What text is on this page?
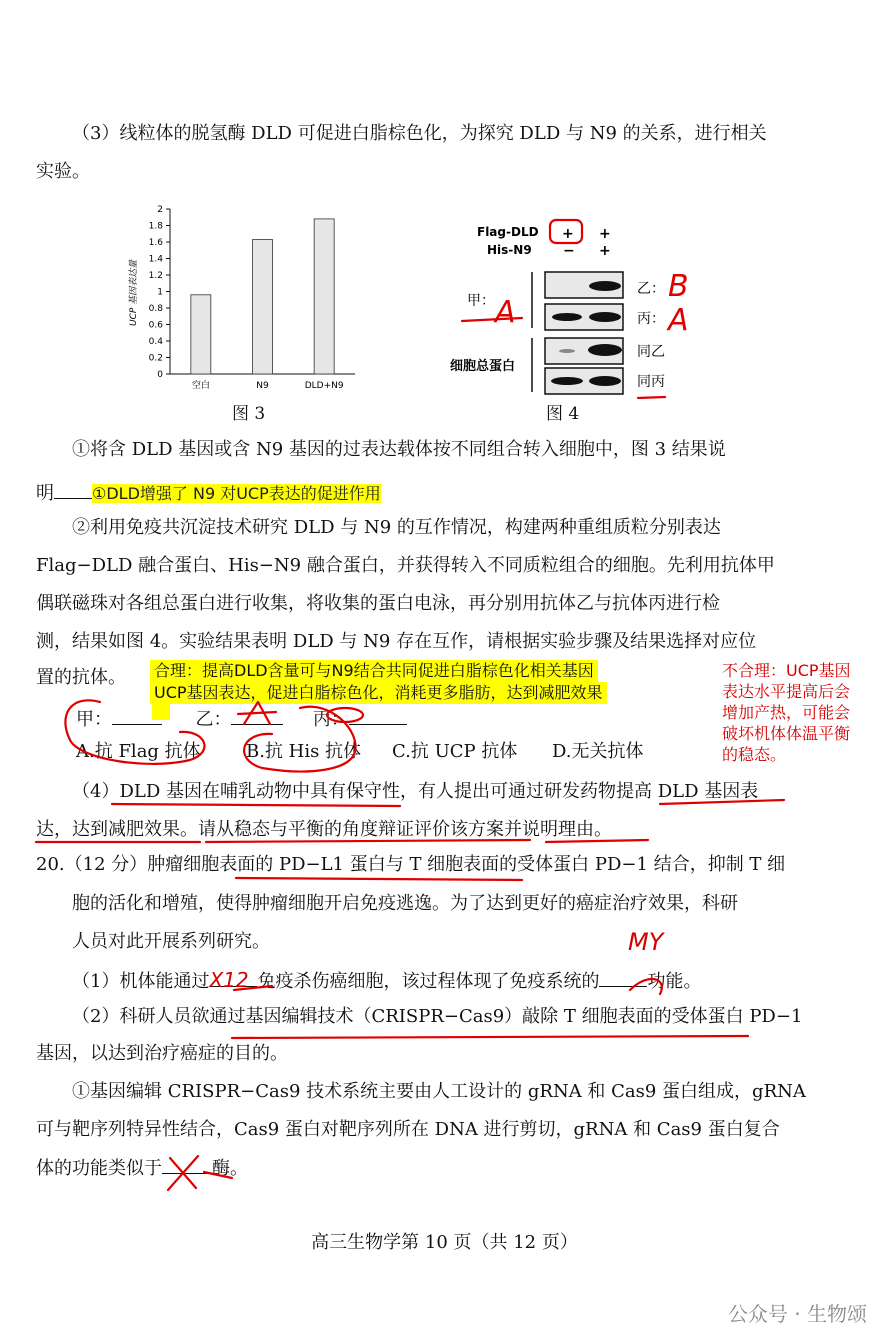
（3）线粒体的脱氢酶 DLD 可促进白脂棕色化，为探究 DLD 与 N9 的关系，进行相关
实验。
0
0.2
0.4
0.6
0.8
1
1.2
1.4
1.6
1.8
2
空白	N9	DLD+N9
UCP 基因表达量
图 3
Flag-DLD
His-N9
+ +
− +
甲：
细胞总蛋白
乙：
丙：
同乙
同丙
B
A
A
图 4
①将含 DLD 基因或含 N9 基因的过表达载体按不同组合转入细胞中，图 3 结果说
明 ①DLD增强了 N9 对UCP表达的促进作用
②利用免疫共沉淀技术研究 DLD 与 N9 的互作情况，构建两种重组质粒分别表达
Flag−DLD 融合蛋白、His−N9 融合蛋白，并获得转入不同质粒组合的细胞。先利用抗体甲
偶联磁珠对各组总蛋白进行收集，将收集的蛋白电泳，再分别用抗体乙与抗体丙进行检
测，结果如图 4。实验结果表明 DLD 与 N9 存在互作，请根据实验步骤及结果选择对应位
置的抗体。 合理：提高DLD含量可与N9结合共同促进白脂棕色化相关基因
UCP基因表达，促进白脂棕色化，消耗更多脂肪，达到减肥效果
不合理：UCP基因
表达水平提高后会
增加产热，可能会
破坏机体体温平衡
的稳态。
甲：	乙：	丙：
A.抗 Flag 抗体	B.抗 His 抗体 C.抗 UCP 抗体 D.无关抗体
（4）DLD 基因在哺乳动物中具有保守性，有人提出可通过研发药物提高 DLD 基因表
达，达到减肥效果。请从稳态与平衡的角度辩证评价该方案并说明理由。
20.（12 分）肿瘤细胞表面的 PD−L1 蛋白与 T 细胞表面的受体蛋白 PD−1 结合，抑制 T 细
胞的活化和增殖，使得肿瘤细胞开启免疫逃逸。为了达到更好的癌症治疗效果，科研
人员对此开展系列研究。
（1）机体能通过X12 免疫杀伤癌细胞，该过程体现了免疫系统的	功能。
MY
（2）科研人员欲通过基因编辑技术（CRISPR−Cas9）敲除 T 细胞表面的受体蛋白 PD−1
基因，以达到治疗癌症的目的。
①基因编辑 CRISPR−Cas9 技术系统主要由人工设计的 gRNA 和 Cas9 蛋白组成，gRNA
可与靶序列特异性结合，Cas9 蛋白对靶序列所在 DNA 进行剪切，gRNA 和 Cas9 蛋白复合
体的功能类似于	酶。
高三生物学第 10 页（共 12 页）
公众号 · 生物颂
